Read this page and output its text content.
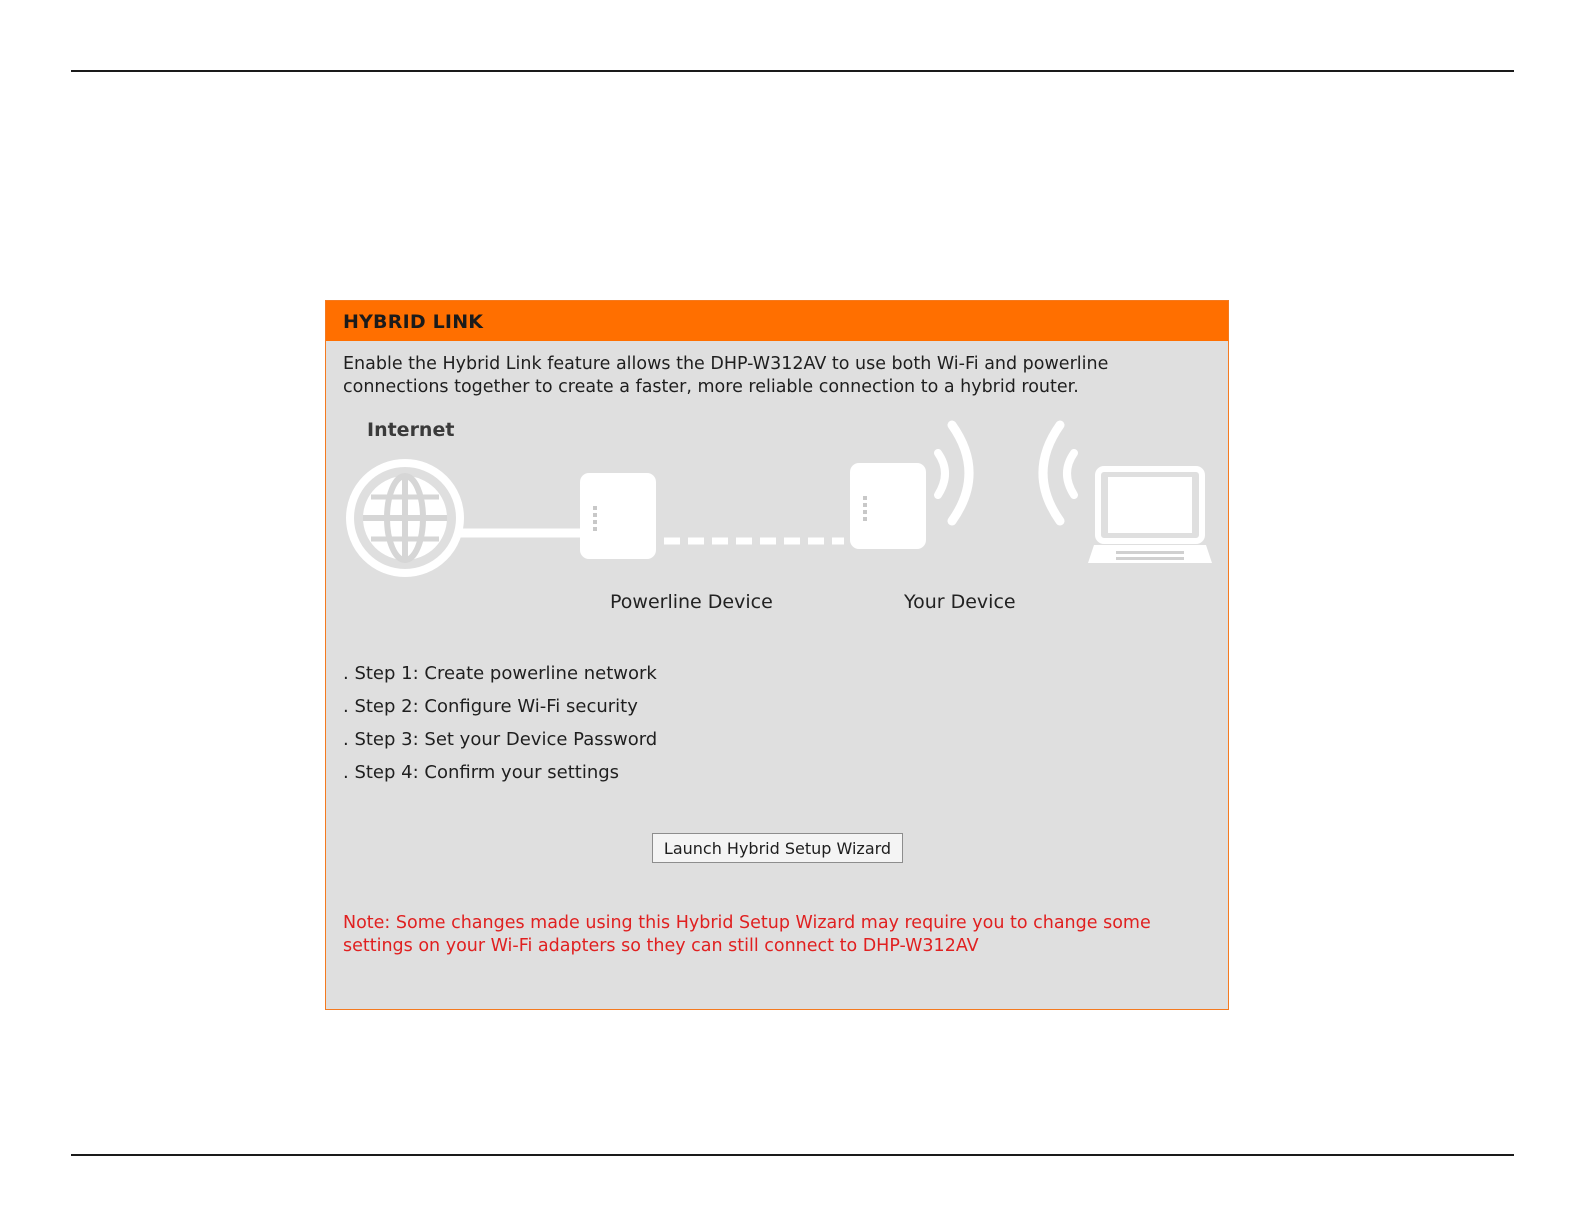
HYBRID LINK
Enable the Hybrid Link feature allows the DHP-W312AV to use both Wi-Fi and powerline
connections together to create a faster, more reliable connection to a hybrid router.
Internet
Powerline Device	Your Device
. Step 1: Create powerline network
. Step 2: Configure Wi-Fi security
. Step 3: Set your Device Password
. Step 4: Confirm your settings
Launch Hybrid Setup Wizard
Note: Some changes made using this Hybrid Setup Wizard may require you to change some
settings on your Wi-Fi adapters so they can still connect to DHP-W312AV
